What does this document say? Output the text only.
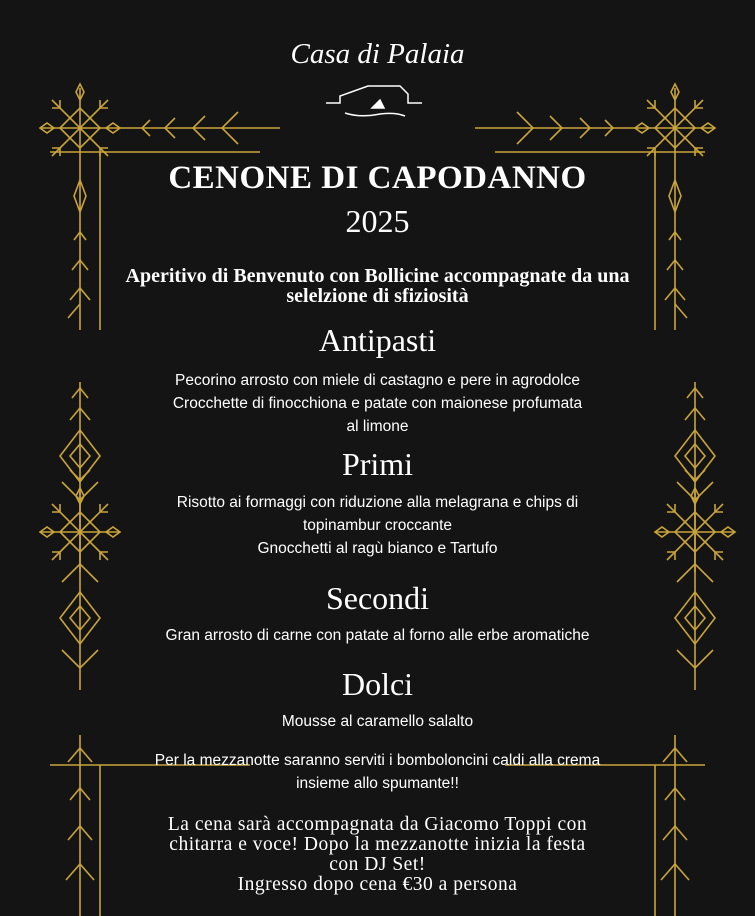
Casa di Palaia
CENONE DI CAPODANNO
2025
Aperitivo di Benvenuto con Bollicine accompagnate da una
selelzione di sfiziosità
Antipasti
Pecorino arrosto con miele di castagno e pere in agrodolce
Crocchette di finocchiona e patate con maionese profumata
al limone
Primi
Risotto ai formaggi con riduzione alla melagrana e chips di
topinambur croccante
Gnocchetti al ragù bianco e Tartufo
Secondi
Gran arrosto di carne con patate al forno alle erbe aromatiche
Dolci
Mousse al caramello salalto
Per la mezzanotte saranno serviti i bomboloncini caldi alla crema
insieme allo spumante!!
La cena sarà accompagnata da Giacomo Toppi con
chitarra e voce! Dopo la mezzanotte inizia la festa
con DJ Set!
Ingresso dopo cena €30 a persona
